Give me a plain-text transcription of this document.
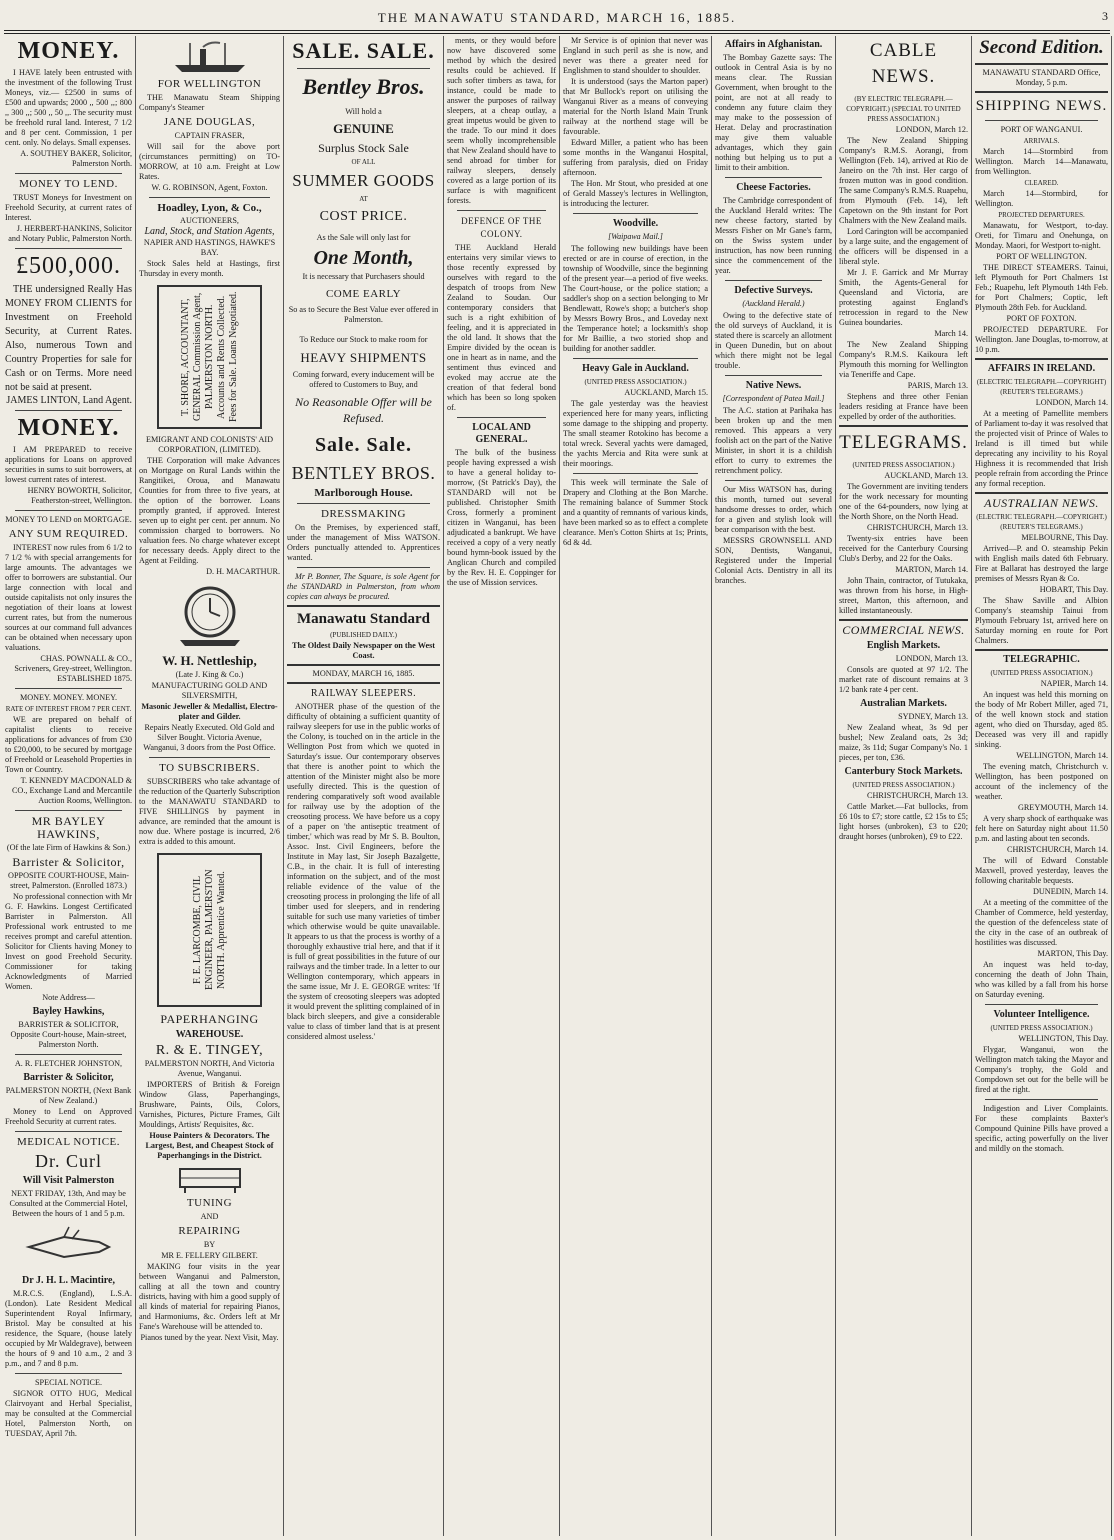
THE MANAWATU STANDARD, MARCH 16, 1885.	3
MONEY.
I HAVE lately been entrusted with the investment of the following Trust Moneys, viz.— £2500 in sums of £500 and upwards; 2000 ,, 500 ,,; 800 ,, 300 ,,; 500 ,, 50 ,,. The security must be freehold rural land. Interest, 7 1/2 and 8 per cent. Commission, 1 per cent. only. No delays. Small expenses.
A. SOUTHEY BAKER, Solicitor, Palmerston North.
MONEY TO LEND.
TRUST Moneys for Investment on Freehold Security, at current rates of Interest.
J. HERBERT-HANKINS, Solicitor and Notary Public, Palmerston North.
£500,000.
THE undersigned Really Has MONEY FROM CLIENTS for Investment on Freehold Security, at Current Rates. Also, numerous Town and Country Properties for sale for Cash or on Terms. More need not be said at present.
JAMES LINTON, Land Agent.
MONEY.
I AM PREPARED to receive applications for Loans on approved securities in sums to suit borrowers, at lowest current rates of interest.
HENRY BOWORTH, Solicitor, Featherston-street, Wellington.
MONEY TO LEND on MORTGAGE.
ANY SUM REQUIRED.
INTEREST now rules from 6 1/2 to 7 1/2 % with special arrangements for large amounts. The advantages we offer to borrowers are substantial. Our large connection with local and outside capitalists not only insures the negotiation of their loans at lowest current rates, but from the numerous sources at our command full advances can be obtained when necessary upon valuations.
CHAS. POWNALL & CO., Scriveners, Grey-street, Wellington. ESTABLISHED 1875.
MONEY. MONEY. MONEY.
RATE OF INTEREST FROM 7 PER CENT.
WE are prepared on behalf of capitalist clients to receive applications for advances of from £30 to £20,000, to be secured by mortgage of Freehold or Leasehold Properties in Town or Country.
T. KENNEDY MACDONALD & CO., Exchange Land and Mercantile Auction Rooms, Wellington.
MR BAYLEY HAWKINS,
(Of the late Firm of Hawkins & Son.)
Barrister & Solicitor,
OPPOSITE COURT-HOUSE, Main-street, Palmerston. (Enrolled 1873.)
No professional connection with Mr G. F. Hawkins. Longest Certificated Barrister in Palmerston. All Professional work entrusted to me receives prompt and careful attention. Solicitor for Clients having Money to Invest on good Freehold Security. Commissioner for taking Acknowledgments of Married Women.
Note Address—
Bayley Hawkins,
BARRISTER & SOLICITOR, Opposite Court-house, Main-street, Palmerston North.
A. R. FLETCHER JOHNSTON,
Barrister & Solicitor,
PALMERSTON NORTH, (Next Bank of New Zealand.)
Money to Lend on Approved Freehold Security at current rates.
MEDICAL NOTICE.
Dr. Curl
Will Visit Palmerston
NEXT FRIDAY, 13th, And may be Consulted at the Commercial Hotel, Between the hours of 1 and 5 p.m.
Dr J. H. L. Macintire,
M.R.C.S. (England), L.S.A. (London). Late Resident Medical Superintendent Royal Infirmary, Bristol. May be consulted at his residence, the Square, (house lately occupied by Mr Waldegrave), between the hours of 9 and 10 a.m., 2 and 3 p.m., and 7 and 8 p.m.
SPECIAL NOTICE.
SIGNOR OTTO HUG, Medical Clairvoyant and Herbal Specialist, may be consulted at the Commercial Hotel, Palmerston North, on TUESDAY, April 7th.
FOR WELLINGTON
THE Manawatu Steam Shipping Company's Steamer
JANE DOUGLAS,
CAPTAIN FRASER,
Will sail for the above port (circumstances permitting) on TO-MORROW, at 10 a.m. Freight at Low Rates.
W. G. ROBINSON, Agent, Foxton.
Hoadley, Lyon, & Co.,
AUCTIONEERS,
Land, Stock, and Station Agents,
NAPIER AND HASTINGS, HAWKE'S BAY.
Stock Sales held at Hastings, first Thursday in every month.
T. SHORE, ACCOUNTANT, GENERAL Commission Agent, PALMERSTON NORTH. Accounts and Rents Collected. Fees for Sale. Loans Negotiated.
EMIGRANT AND COLONISTS' AID CORPORATION, (LIMITED).
THE Corporation will make Advances on Mortgage on Rural Lands within the Rangitikei, Oroua, and Manawatu Counties for from three to five years, at the option of the borrower. Loans promptly granted, if approved. Interest seven up to eight per cent. per annum. No commission charged to borrowers. No valuation fees. No charge whatever except for necessary deeds. Apply direct to the Agent at Feilding.
D. H. MACARTHUR.
W. H. Nettleship,
(Late J. King & Co.)
MANUFACTURING GOLD AND SILVERSMITH,
Masonic Jeweller & Medallist, Electro-plater and Gilder.
Repairs Neatly Executed. Old Gold and Silver Bought. Victoria Avenue, Wanganui, 3 doors from the Post Office.
TO SUBSCRIBERS.
SUBSCRIBERS who take advantage of the reduction of the Quarterly Subscription to the MANAWATU STANDARD to FIVE SHILLINGS by payment in advance, are reminded that the amount is now due. Where postage is incurred, 2/6 extra is added to this amount.
F. E. LARCOMBE, CIVIL ENGINEER, PALMERSTON NORTH. Apprentice Wanted.
PAPERHANGING
WAREHOUSE.
R. & E. TINGEY,
PALMERSTON NORTH, And Victoria Avenue, Wanganui.
IMPORTERS of British & Foreign Window Glass, Paperhangings, Brushware, Paints, Oils, Colors, Varnishes, Pictures, Picture Frames, Gilt Mouldings, Artists' Requisites, &c.
House Painters & Decorators. The Largest, Best, and Cheapest Stock of Paperhangings in the District.
TUNING
AND
REPAIRING
BY
MR E. FELLERY GILBERT.
MAKING four visits in the year between Wanganui and Palmerston, calling at all the town and country districts, having with him a good supply of all kinds of material for repairing Pianos, and Harmoniums, &c. Orders left at Mr Fane's Warehouse will be attended to.
Pianos tuned by the year. Next Visit, May.
SALE. SALE.
Bentley Bros.
Will hold a
GENUINE
Surplus Stock Sale
OF ALL
SUMMER GOODS
AT
COST PRICE.
As the Sale will only last for
One Month,
It is necessary that Purchasers should
COME EARLY
So as to Secure the Best Value ever offered in Palmerston.
To Reduce our Stock to make room for
HEAVY SHIPMENTS
Coming forward, every inducement will be offered to Customers to Buy, and
No Reasonable Offer will be Refused.
Sale. Sale.
BENTLEY BROS.
Marlborough House.
DRESSMAKING
On the Premises, by experienced staff, under the management of Miss WATSON. Orders punctually attended to. Apprentices wanted.
Mr P. Bonner, The Square, is sole Agent for the STANDARD in Palmerston, from whom copies can always be procured.
Manawatu Standard
(PUBLISHED DAILY.)
The Oldest Daily Newspaper on the West Coast.
MONDAY, MARCH 16, 1885.
RAILWAY SLEEPERS.
ANOTHER phase of the question of the difficulty of obtaining a sufficient quantity of railway sleepers for use in the public works of the Colony, is touched on in the article in the Wellington Post from which we quoted in Saturday's issue. Our contemporary observes that there is another point to which the attention of the Minister might also be more usefully directed. This is the question of rendering comparatively soft wood available for railway use by the adoption of the creosoting process. We have before us a copy of a paper on 'the antiseptic treatment of timber,' which was read by Mr S. B. Boulton, Assoc. Inst. Civil Engineers, before the Institute in May last, Sir Joseph Bazalgette, C.B., in the chair. It is full of interesting information on the subject, and of the most reliable evidence of the value of the creosoting process in prolonging the life of all timber used for sleepers, and in rendering suitable for such use many varieties of timber which otherwise would be quite unavailable. It appears to us that the process is worthy of a thoroughly exhaustive trial here, and that if it is full of great possibilities in the future of our railways and the timber trade. In a letter to our Wellington contemporary, which appears in the same issue, Mr J. E. GEORGE writes: 'If the system of creosoting sleepers was adopted it would prevent the splitting complained of in black birch sleepers, and give a considerable value to class of timber land that is at present considered almost useless.'
ments, or they would before now have discovered some method by which the desired results could be achieved. If such softer timbers as tawa, for instance, could be made to answer the purposes of railway sleepers, at a cheap outlay, a great impetus would be given to the trade. To our mind it does seem wholly incomprehensible that New Zealand should have to send abroad for timber for railway sleepers, densely covered as a large portion of its surface is with magnificent forests.
DEFENCE OF THE COLONY.
THE Auckland Herald entertains very similar views to those recently expressed by ourselves with regard to the despatch of troops from New Zealand to Soudan. Our contemporary considers that such is a right exhibition of feeling, and it is appreciated in the old land. It shows that the Empire divided by the ocean is one in heart as in name, and the sentiment thus evinced and evoked may accrue ate the creation of that federal bond which has been so long spoken of.
LOCAL AND GENERAL.
The bulk of the business people having expressed a wish to have a general holiday to-morrow, (St Patrick's Day), the STANDARD will not be published. Christopher Smith Cross, formerly a prominent citizen in Wanganui, has been adjudicated a bankrupt. We have received a copy of a very neatly bound hymn-book issued by the Anglican Church and compiled by the Rev. H. E. Coppinger for the use of Mission services.
Mr Service is of opinion that never was England in such peril as she is now, and never was there a greater need for Englishmen to stand shoulder to shoulder.
It is understood (says the Marton paper) that Mr Bullock's report on utilising the Wanganui River as a means of conveying material for the North Island Main Trunk railway at the northend stage will be favourable.
Edward Miller, a patient who has been some months in the Wanganui Hospital, suffering from paralysis, died on Friday afternoon.
The Hon. Mr Stout, who presided at one of Gerald Massey's lectures in Wellington, is introducing the lecturer.
Woodville.
[Waipawa Mail.]
The following new buildings have been erected or are in course of erection, in the township of Woodville, since the beginning of the present year—a period of five weeks. The Court-house, or the police station; a saddler's shop on a section belonging to Mr Bendlewatt, Rowe's shop; a butcher's shop by Messrs Bowry Bros., and Loveday next the Temperance hotel; a locksmith's shop for Mr Baillie, a two storied shop and building for another saddler.
Heavy Gale in Auckland.
(UNITED PRESS ASSOCIATION.)
AUCKLAND, March 15.
The gale yesterday was the heaviest experienced here for many years, inflicting some damage to the shipping and property. The small steamer Rotokino has become a total wreck. Several yachts were damaged, the yachts Mercia and Rita were sunk at their moorings.
This week will terminate the Sale of Drapery and Clothing at the Bon Marche. The remaining balance of Summer Stock and a quantity of remnants of various kinds, have been marked so as to effect a complete clearance. Men's Cotton Shirts at 1s; Prints, 6d & 4d.
Affairs in Afghanistan.
The Bombay Gazette says: The outlook in Central Asia is by no means clear. The Russian Government, when brought to the point, are not at all ready to condemn any future claim they may make to the possession of Herat. Delay and procrastination may give them valuable advantages, which they gain nothing but helping us to put a limit to their ambition.
Cheese Factories.
The Cambridge correspondent of the Auckland Herald writes: The new cheese factory, started by Messrs Fisher on Mr Gane's farm, on the Swiss system under instruction, has now been running since the commencement of the year.
Defective Surveys.
(Auckland Herald.)
Owing to the defective state of the old surveys of Auckland, it is stated there is scarcely an allotment in Queen Dunedin, but on about which there might not be legal trouble.
Native News.
[Correspondent of Patea Mail.]
The A.C. station at Parihaka has been broken up and the men removed. This appears a very foolish act on the part of the Native Minister, in short it is a childish effort to curry to extremes the retrenchment policy.
Our Miss WATSON has, during this month, turned out several handsome dresses to order, which for a given and stylish look will bear comparison with the best.
MESSRS GROWNSELL AND SON, Dentists, Wanganui, Registered under the Imperial Colonial Acts. Dentistry in all its branches.
CABLE NEWS.
(BY ELECTRIC TELEGRAPH.—COPYRIGHT.) (SPECIAL TO UNITED PRESS ASSOCIATION.)
LONDON, March 12.
The New Zealand Shipping Company's R.M.S. Aorangi, from Wellington (Feb. 14), arrived at Rio de Janeiro on the 7th inst. Her cargo of frozen mutton was in good condition. The same Company's R.M.S. Ruapehu, from Plymouth (Feb. 14), left Capetown on the 9th instant for Port Chalmers with the New Zealand mails.
Lord Carington will be accompanied by a large suite, and the engagement of the officers will be dispensed in a liberal style.
Mr J. F. Garrick and Mr Murray Smith, the Agents-General for Queensland and Victoria, are protesting against England's retrocession in regard to the New Guinea boundaries.
March 14.
The New Zealand Shipping Company's R.M.S. Kaikoura left Plymouth this morning for Wellington via Teneriffe and Cape.
PARIS, March 13.
Stephens and three other Fenian leaders residing at France have been expelled by order of the authorities.
TELEGRAMS.
(UNITED PRESS ASSOCIATION.)
AUCKLAND, March 13.
The Government are inviting tenders for the work necessary for mounting one of the 64-pounders, now lying at the North Shore, on the North Head.
CHRISTCHURCH, March 13.
Twenty-six entries have been received for the Canterbury Coursing Club's Derby, and 22 for the Oaks.
MARTON, March 14.
John Thain, contractor, of Tutukaka, was thrown from his horse, in High-street, Marton, this afternoon, and killed instantaneously.
COMMERCIAL NEWS.
English Markets.
LONDON, March 13.
Consols are quoted at 97 1/2. The market rate of discount remains at 3 1/2 bank rate 4 per cent.
Australian Markets.
SYDNEY, March 13.
New Zealand wheat, 3s 9d per bushel; New Zealand oats, 2s 3d; maize, 3s 11d; Sugar Company's No. 1 pieces, per ton, £36.
Canterbury Stock Markets.
(UNITED PRESS ASSOCIATION.)
CHRISTCHURCH, March 13.
Cattle Market.—Fat bullocks, from £6 10s to £7; store cattle, £2 15s to £5; light horses (unbroken), £3 to £20; draught horses (unbroken), £9 to £22.
Second Edition.
MANAWATU STANDARD Office, Monday, 5 p.m.
SHIPPING NEWS.
PORT OF WANGANUI.
ARRIVALS.
March 14—Stormbird from Wellington. March 14—Manawatu, from Wellington.
CLEARED.
March 14—Stormbird, for Wellington.
PROJECTED DEPARTURES.
Manawatu, for Westport, to-day. Oreti, for Timaru and Onehunga, on Monday. Maori, for Westport to-night.
PORT OF WELLINGTON.
THE DIRECT STEAMERS. Tainui, left Plymouth for Port Chalmers 1st Feb.; Ruapehu, left Plymouth 14th Feb. for Port Chalmers; Coptic, left Plymouth 28th Feb. for Auckland.
PORT OF FOXTON.
PROJECTED DEPARTURE. For Wellington. Jane Douglas, to-morrow, at 10 p.m.
AFFAIRS IN IRELAND.
(ELECTRIC TELEGRAPH.—COPYRIGHT) (REUTER'S TELEGRAMS.)
LONDON, March 14.
At a meeting of Parnellite members of Parliament to-day it was resolved that the projected visit of Prince of Wales to Ireland is ill timed but while deprecating any incivility to his Royal Highness it is recommended that Irish people refrain from according the Prince any formal reception.
AUSTRALIAN NEWS.
(ELECTRIC TELEGRAPH.—COPYRIGHT.) (REUTER'S TELEGRAMS.)
MELBOURNE, This Day.
Arrived—P. and O. steamship Pekin with English mails dated 6th February. Fire at Ballarat has destroyed the large premises of Messrs Ryan & Co.
HOBART, This Day.
The Shaw Saville and Albion Company's steamship Tainui from Plymouth February 1st, arrived here on Saturday morning en route for Port Chalmers.
TELEGRAPHIC.
(UNITED PRESS ASSOCIATION.)
NAPIER, March 14.
An inquest was held this morning on the body of Mr Robert Miller, aged 71, of the well known stock and station agent, who died on Thursday, aged 85. Deceased was very ill and rapidly sinking.
WELLINGTON, March 14.
The evening match, Christchurch v. Wellington, has been postponed on account of the inclemency of the weather.
GREYMOUTH, March 14.
A very sharp shock of earthquake was felt here on Saturday night about 11.50 p.m. and lasting about ten seconds.
CHRISTCHURCH, March 14.
The will of Edward Constable Maxwell, proved yesterday, leaves the following charitable bequests.
DUNEDIN, March 14.
At a meeting of the committee of the Chamber of Commerce, held yesterday, the question of the defenceless state of the city in the case of an outbreak of hostilities was discussed.
MARTON, This Day.
An inquest was held to-day, concerning the death of John Thain, who was killed by a fall from his horse on Saturday evening.
Volunteer Intelligence.
(UNITED PRESS ASSOCIATION.)
WELLINGTON, This Day.
Flygar, Wanganui, won the Wellington match taking the Mayor and Company's trophy, the Gold and Compdown set out for the belle will be fired at the right.
Indigestion and Liver Complaints. For these complaints Baxter's Compound Quinine Pills have proved a specific, acting powerfully on the liver and mildly on the stomach.
